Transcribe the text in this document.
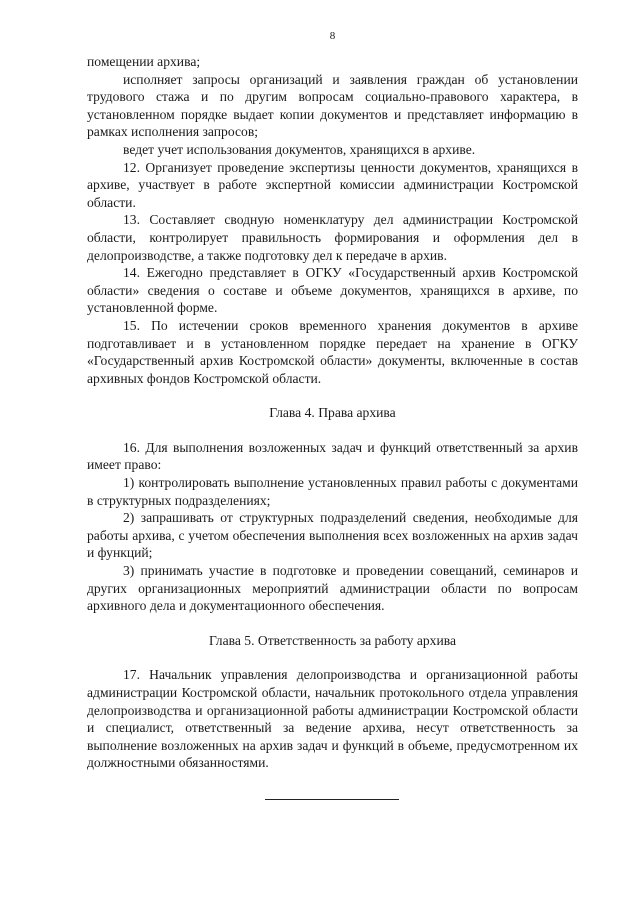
8

помещении архива;

исполняет запросы организаций и заявления граждан об установлении трудового стажа и по другим вопросам социально-правового характера, в установленном порядке выдает копии документов и представляет информацию в рамках исполнения запросов;

ведет учет использования документов, хранящихся в архиве.

12. Организует проведение экспертизы ценности документов, хранящихся в архиве, участвует в работе экспертной комиссии администрации Костромской области.

13. Составляет сводную номенклатуру дел администрации Костромской области, контролирует правильность формирования и оформления дел в делопроизводстве, а также подготовку дел к передаче в архив.

14. Ежегодно представляет в ОГКУ «Государственный архив Костромской области» сведения о составе и объеме документов, хранящихся в архиве, по установленной форме.

15. По истечении сроков временного хранения документов в архиве подготавливает и в установленном порядке передает на хранение в ОГКУ «Государственный архив Костромской области» документы, включенные в состав архивных фондов Костромской области.

Глава 4. Права архива

16. Для выполнения возложенных задач и функций ответственный за архив имеет право:

1) контролировать выполнение установленных правил работы с документами в структурных подразделениях;

2) запрашивать от структурных подразделений сведения, необходимые для работы архива, с учетом обеспечения выполнения всех возложенных на архив задач и функций;

3) принимать участие в подготовке и проведении совещаний, семинаров и других организационных мероприятий администрации области по вопросам архивного дела и документационного обеспечения.

Глава 5. Ответственность за работу архива

17. Начальник управления делопроизводства и организационной работы администрации Костромской области, начальник протокольного отдела управления делопроизводства и организационной работы администрации Костромской области и специалист, ответственный за ведение архива, несут ответственность за выполнение возложенных на архив задач и функций в объеме, предусмотренном их должностными обязанностями.
